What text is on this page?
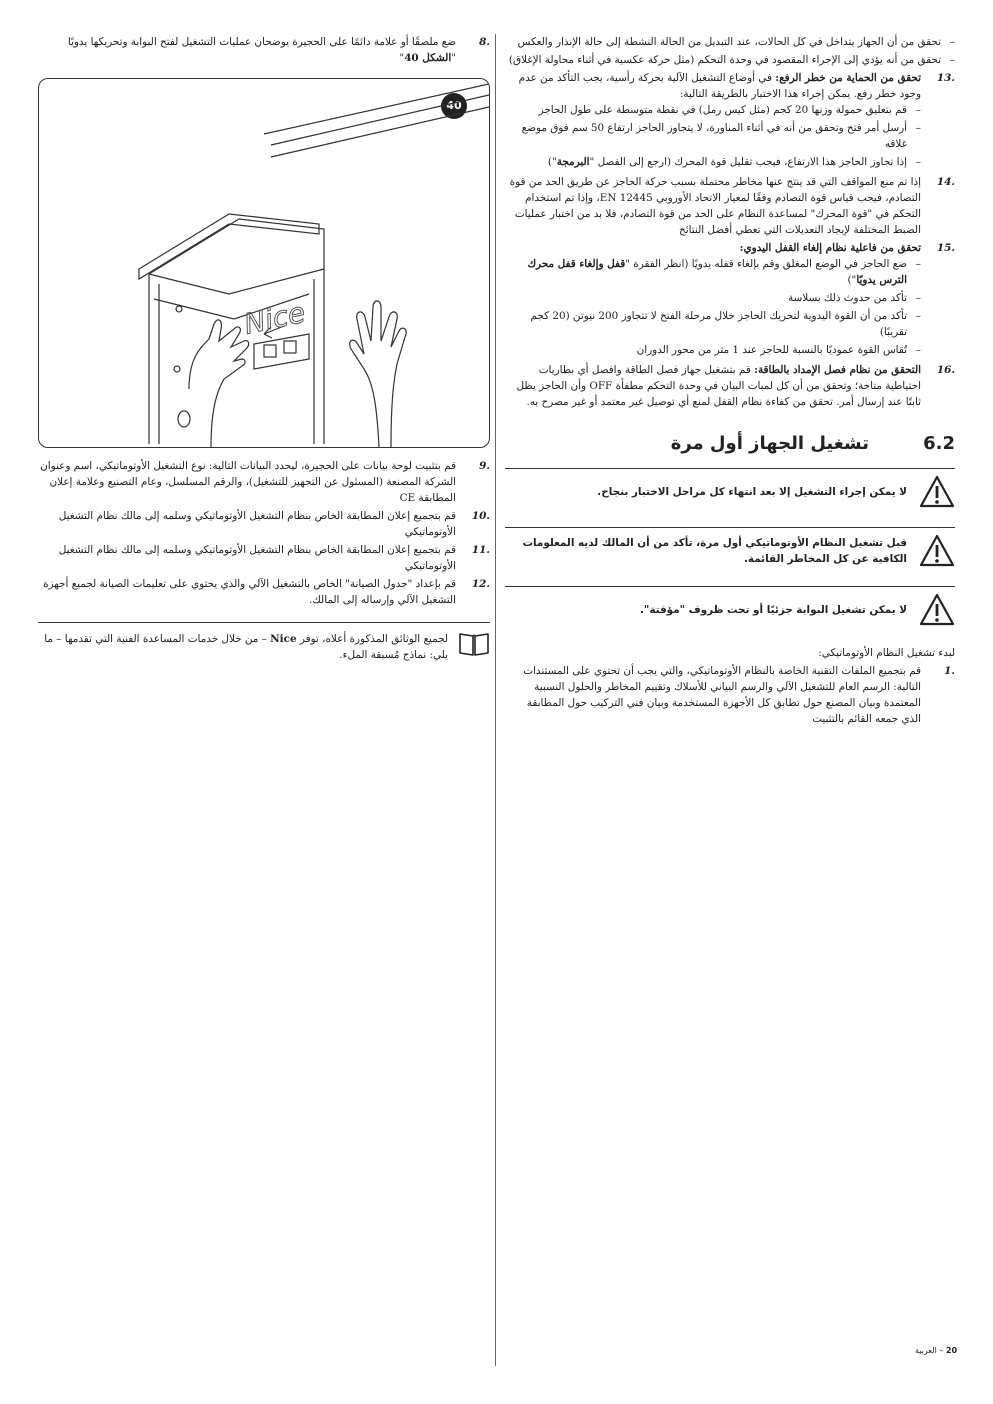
–
تحقق من أن الجهاز يتداخل في كل الحالات، عند التبديل من الحالة النشطة إلى حالة الإنذار والعكس
–
تحقق من أنه يؤدي إلى الإجراء المقصود في وحدة التحكم (مثل حركة عكسية في أثناء محاولة الإغلاق)
.13
تحقق من الحماية من خطر الرفع: في أوضاع التشغيل الآلية بحركة رأسية، يجب التأكد من عدم وجود خطر رفع. يمكن إجراء هذا الاختبار بالطريقة التالية:
–
قم بتعليق حمولة وزنها 20 كجم (مثل كيس رمل) في نقطة متوسطة على طول الحاجز
–
أرسل أمر فتح وتحقق من أنه في أثناء المناورة، لا يتجاوز الحاجز ارتفاع 50 سم فوق موضع غلاقه
–
إذا تجاوز الحاجز هذا الارتفاع، فيجب تقليل قوة المحرك (ارجع إلى الفصل "البرمجة")
.14
إذا تم منع المواقف التي قد ينتج عنها مخاطر محتملة بسبب حركة الحاجز عن طريق الحد من قوة التصادم، فيجب قياس قوة التصادم وفقًا لمعيار الاتحاد الأوروبي EN 12445، وإذا تم استخدام التحكم في "قوة المحرك" لمساعدة النظام على الحد من قوة التصادم، فلا بد من اختبار عمليات الضبط المختلفة لإيجاد التعديلات التي تعطي أفضل النتائج
.15
تحقق من فاعلية نظام إلغاء القفل اليدوي:
–
ضع الحاجز في الوضع المغلق وقم بإلغاء قفله يدويًا (انظر الفقرة "قفل وإلغاء قفل محرك الترس يدويًا")
–
تأكد من حدوث ذلك بسلاسة
–
تأكد من أن القوة اليدوية لتحريك الحاجز خلال مرحلة الفتح لا تتجاوز 200 نيوتن (20 كجم تقريبًا)
–
تُقاس القوة عموديًا بالنسبة للحاجز عند 1 متر من محور الدوران
.16
التحقق من نظام فصل الإمداد بالطاقة: قم بتشغيل جهاز فصل الطاقة وافصل أي بطاريات احتياطية متاحة؛ وتحقق من أن كل لمبات البيان في وحدة التحكم مطفأة OFF وأن الحاجز يظل ثابتًا عند إرسال أمر. تحقق من كفاءة نظام القفل لمنع أي توصيل غير معتمد أو غير مصرح به.
6.2
تشغيل الجهاز أول مرة
لا يمكن إجراء التشغيل إلا بعد انتهاء كل مراحل الاختبار بنجاح.
قبل تشغيل النظام الأوتوماتيكي أول مرة، تأكد من أن المالك لديه المعلومات الكافية عن كل المخاطر القائمة.
لا يمكن تشغيل البوابة جزئيًا أو تحت ظروف "مؤقتة".
لبدء تشغيل النظام الأوتوماتيكي:
.1
قم بتجميع الملفات التقنية الخاصة بالنظام الأوتوماتيكي، والتي يجب أن تحتوي على المستندات التالية: الرسم العام للتشغيل الآلي والرسم البياني للأسلاك وتقييم المخاطر والحلول النسبية المعتمدة وبيان المصنع حول تطابق كل الأجهزة المستخدمة وبيان فني التركيب حول المطابقة الذي جمعه القائم بالتثبيت
.8
ضع ملصقًا أو علامة دائمًا على الحجيرة يوضحان عمليات التشغيل لفتح البوابة وتحريكها يدويًا "الشكل 40"
40
Nice
.9
قم بتثبيت لوحة بيانات على الحجيرة، ليحدد البيانات التالية: نوع التشغيل الأوتوماتيكي، اسم وعنوان الشركة المصنعة (المسئول عن التجهيز للتشغيل)، والرقم المسلسل، وعام التصنيع وعلامة إعلان المطابقة CE
.10
قم بتجميع إعلان المطابقة الخاص بنظام التشغيل الأوتوماتيكي وسلمه إلى مالك نظام التشغيل الأوتوماتيكي
.11
قم بتجميع إعلان المطابقة الخاص بنظام التشغيل الأوتوماتيكي وسلمه إلى مالك نظام التشغيل الأوتوماتيكي
.12
قم بإعداد "جدول الصيانة" الخاص بالتشغيل الآلي والذي يحتوي على تعليمات الصيانة لجميع أجهزة التشغيل الآلي وإرساله إلى المالك.
لجميع الوثائق المذكورة أعلاه، توفر Nice – من خلال خدمات المساعدة الفنية التي تقدمها – ما يلي: نماذج مُسبقة الملء.
20 – العربية
